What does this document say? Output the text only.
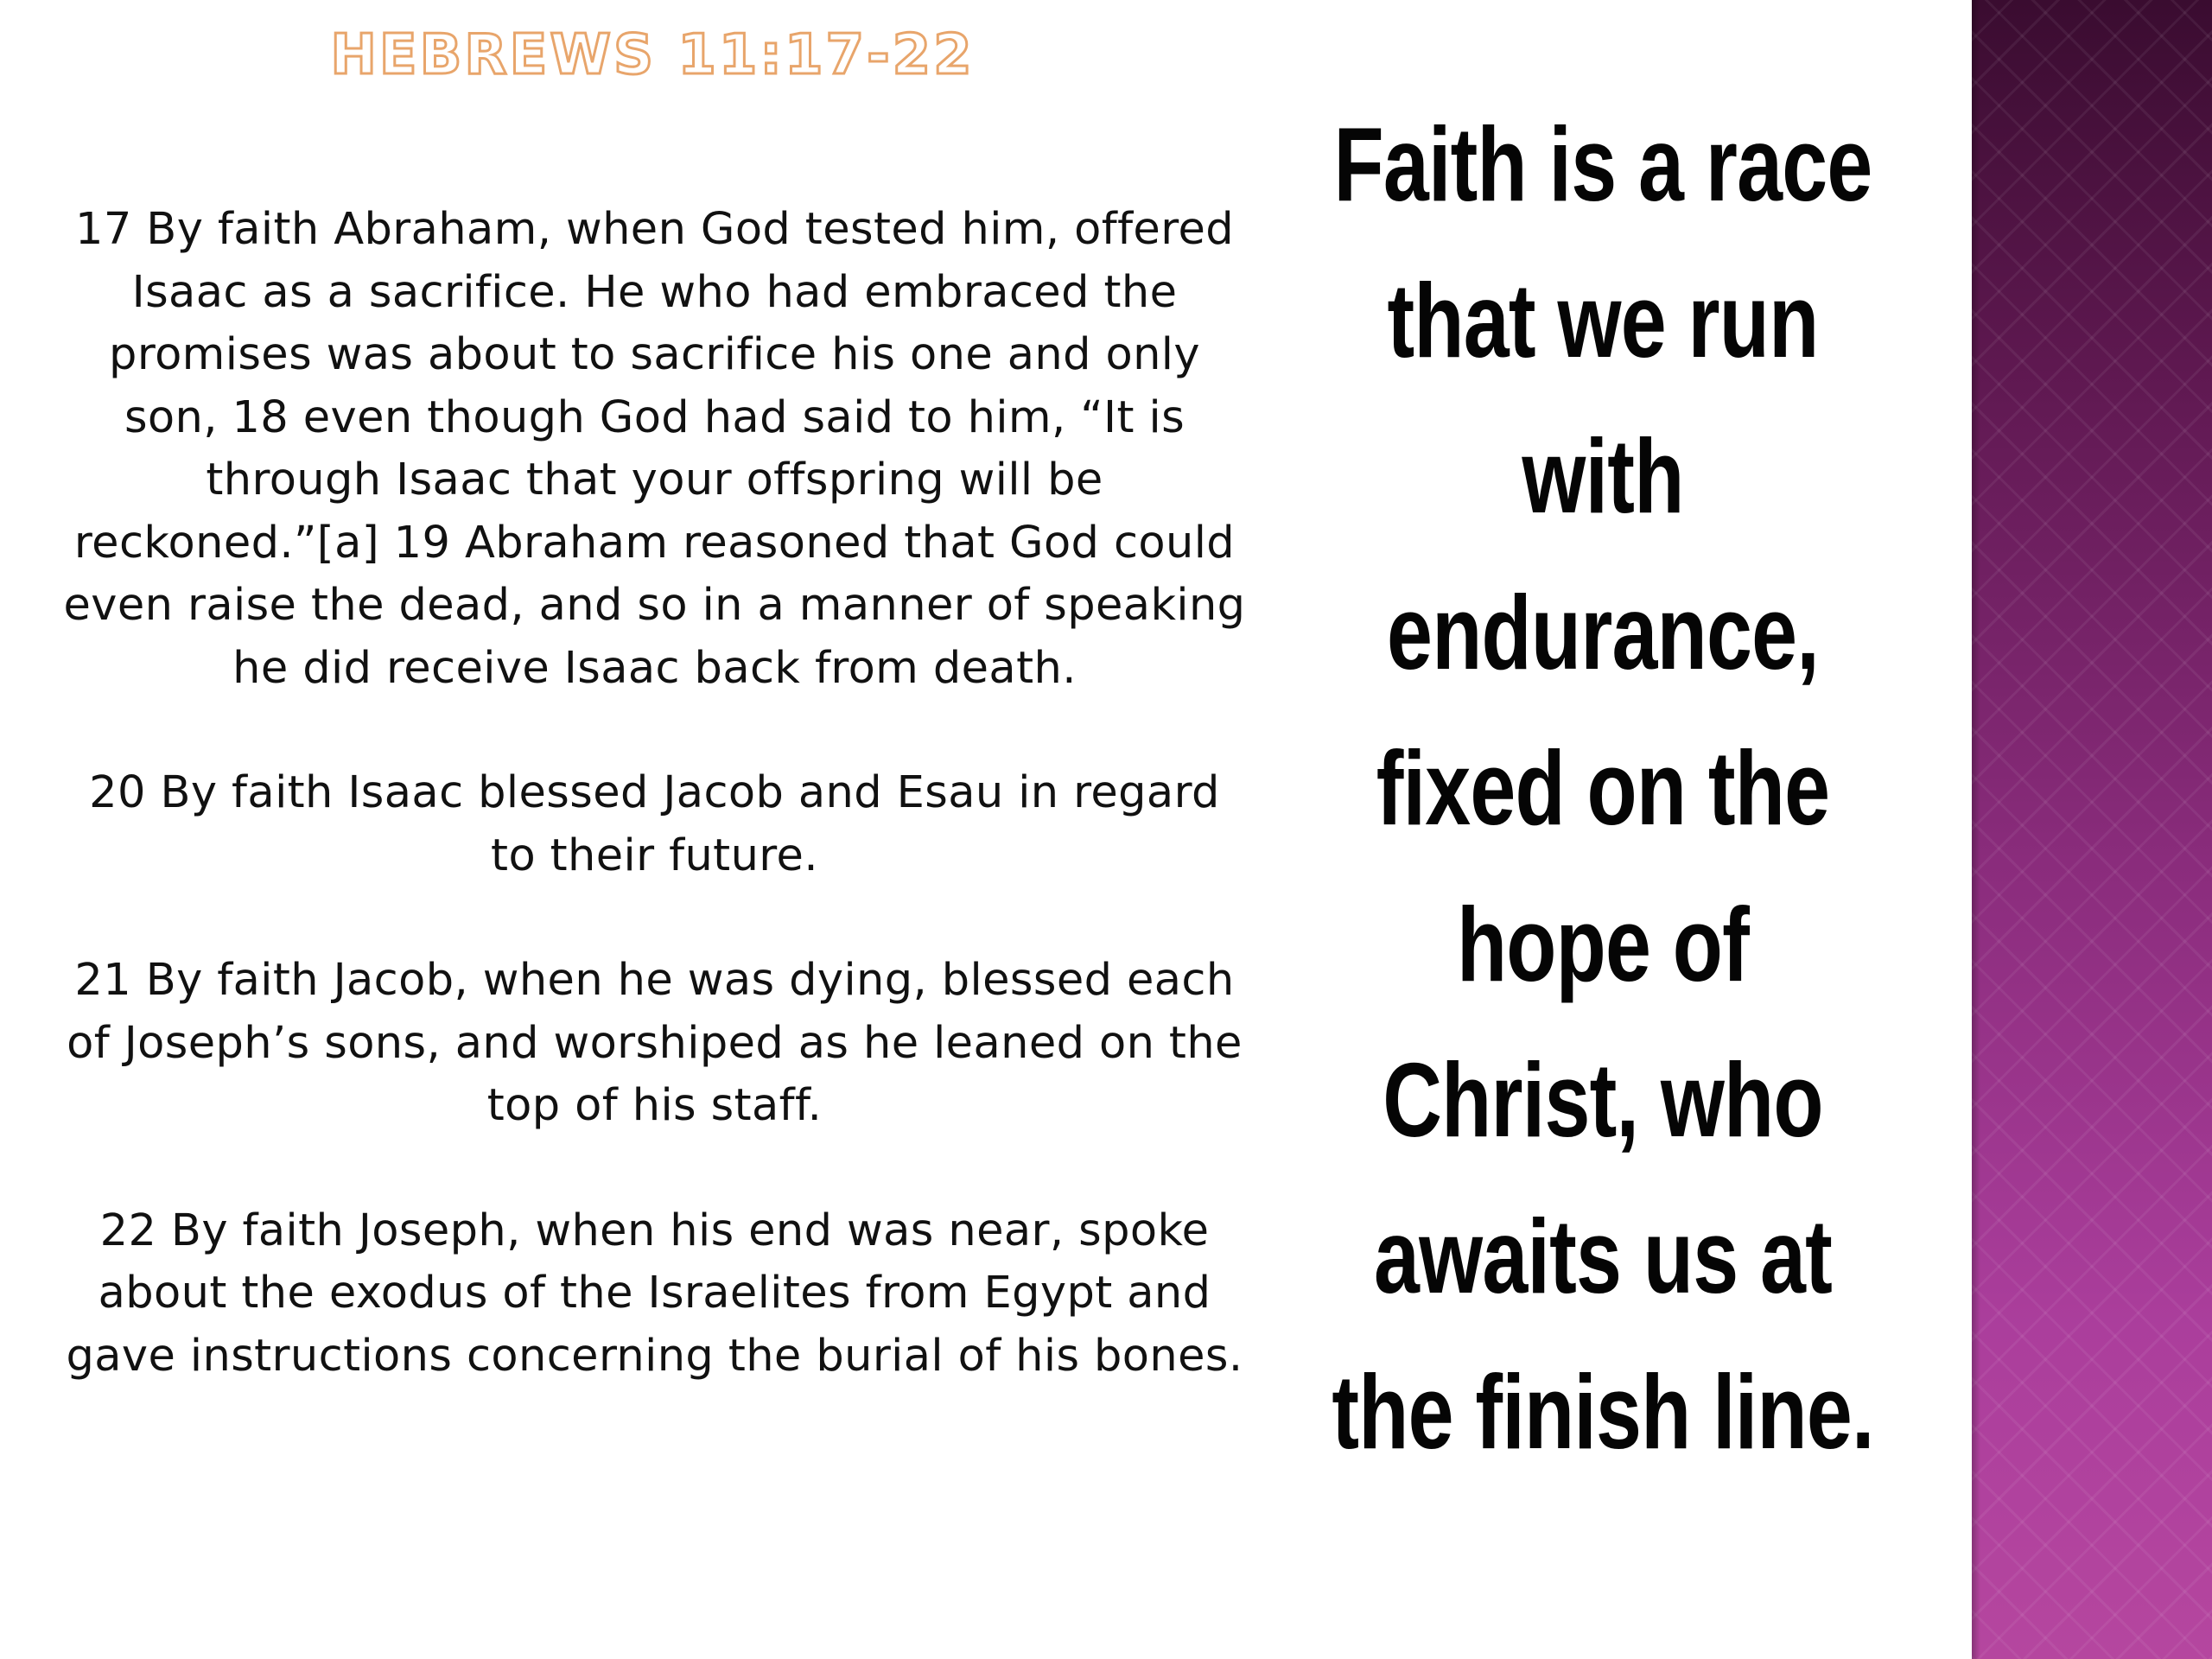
HEBREWS 11:17-22

17 By faith Abraham, when God tested him, offered Isaac as a sacrifice. He who had embraced the promises was about to sacrifice his one and only son, 18 even though God had said to him, “It is through Isaac that your offspring will be reckoned.”[a] 19 Abraham reasoned that God could even raise the dead, and so in a manner of speaking he did receive Isaac back from death.

20 By faith Isaac blessed Jacob and Esau in regard to their future.

21 By faith Jacob, when he was dying, blessed each of Joseph’s sons, and worshiped as he leaned on the top of his staff.

22 By faith Joseph, when his end was near, spoke about the exodus of the Israelites from Egypt and gave instructions concerning the burial of his bones.

Faith is a race that we run with endurance, fixed on the hope of Christ, who awaits us at the finish line.
